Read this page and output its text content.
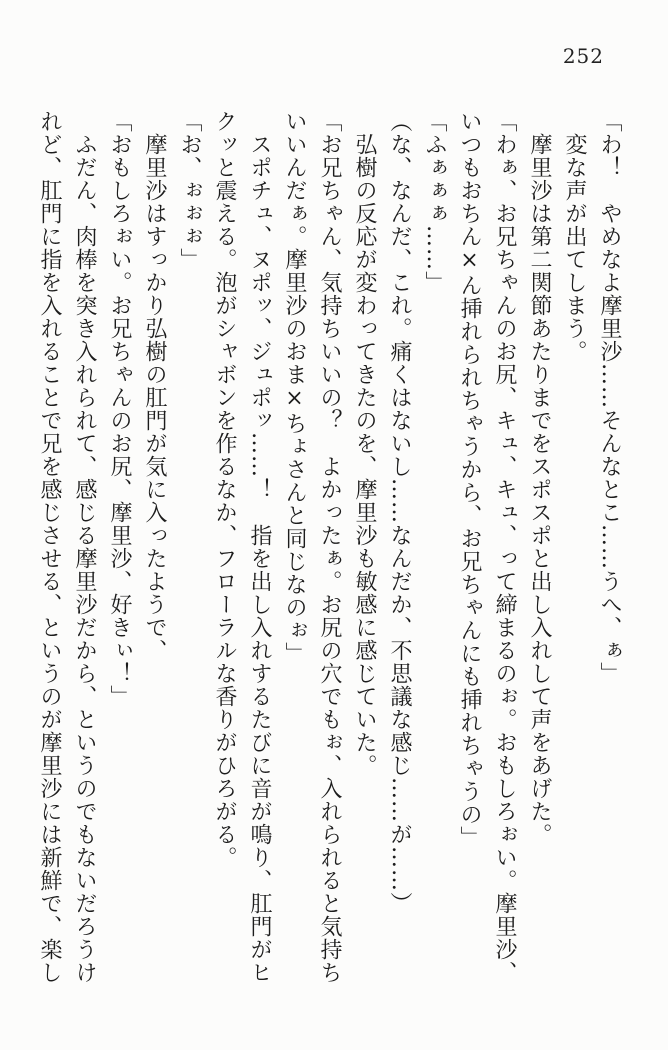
252

「わ！　やめなよ摩里沙……そんなとこ……うへ、ぁ」

変な声が出てしまう。

摩里沙は第二関節あたりまでをスポスポと出し入れして声をあげた。

「わぁ、お兄ちゃんのお尻、キュ、キュ、って締まるのぉ。おもしろぉい。摩里沙、

いつもおちん×ん挿れられちゃうから、お兄ちゃんにも挿れちゃうの」

「ふぁぁぁ……」

（な、なんだ、これ。痛くはないし……なんだか、不思議な感じ……が……）

弘樹の反応が変わってきたのを、摩里沙も敏感に感じていた。

「お兄ちゃん、気持ちいいの？　よかったぁ。お尻の穴でもぉ、入れられると気持ち

いいんだぁ。摩里沙のおま×ちょさんと同じなのぉ」

スポチュ、ヌポッ、ジュポッ……！　指を出し入れするたびに音が鳴り、肛門がヒ

クッと震える。泡がシャボンを作るなか、フローラルな香りがひろがる。

「お、ぉぉぉ」

摩里沙はすっかり弘樹の肛門が気に入ったようで、

「おもしろぉい。お兄ちゃんのお尻、摩里沙、好きぃ！」

ふだん、肉棒を突き入れられて、感じる摩里沙だから、というのでもないだろうけ

れど、肛門に指を入れることで兄を感じさせる、というのが摩里沙には新鮮で、楽し
